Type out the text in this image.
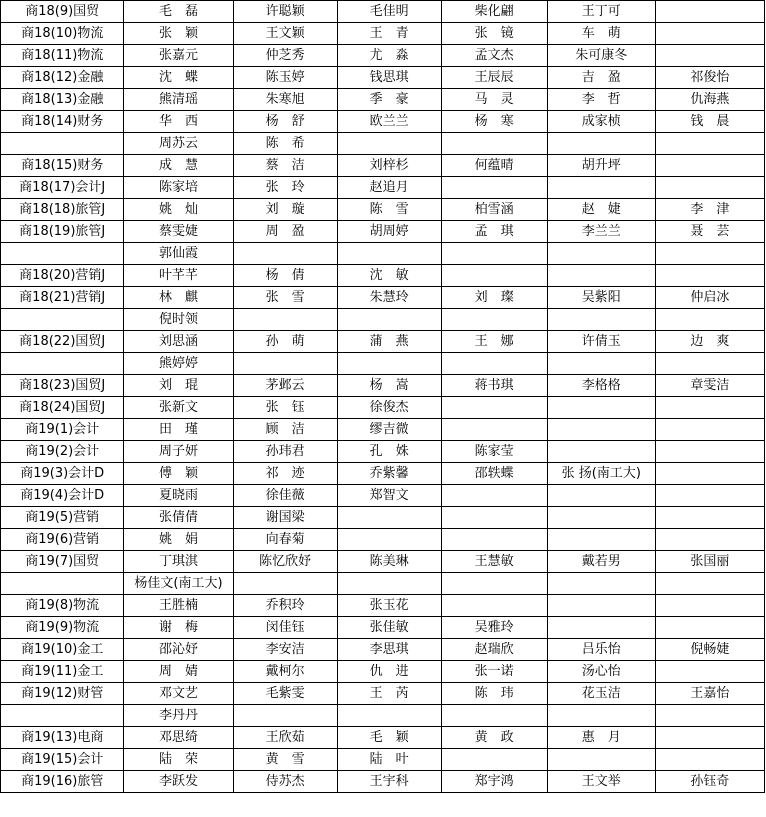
商18(9)国贸	毛　磊	许聪颖	毛佳明	柴化翩	王丁可	
商18(10)物流	张　颖	王文颖	王　青	张　镜	车　萌	
商18(11)物流	张嘉元	仲芝秀	尤　淼	孟文杰	朱可康冬	
商18(12)金融	沈　蝶	陈玉婷	钱思琪	王辰辰	吉　盈	祁俊怡
商18(13)金融	熊清瑶	朱寒旭	季　豪	马　灵	李　哲	仇海燕
商18(14)财务	华　西	杨　舒	欧兰兰	杨　寒	成家桢	钱　晨
	周苏云	陈　希				
商18(15)财务	成　慧	蔡　洁	刘梓杉	何蕴晴	胡升坪	
商18(17)会计J	陈家培	张　玲	赵追月			
商18(18)旅管J	姚　灿	刘　璇	陈　雪	柏雪涵	赵　婕	李　津
商18(19)旅管J	蔡雯婕	周　盈	胡周婷	孟　琪	李兰兰	聂　芸
	郭仙霞					
商18(20)营销J	叶芊芊	杨　倩	沈　敏			
商18(21)营销J	林　麒	张　雪	朱慧玲	刘　璨	吴紫阳	仲启冰
	倪时领					
商18(22)国贸J	刘思涵	孙　萌	蒲　燕	王　娜	许倩玉	边　爽
	熊婷婷					
商18(23)国贸J	刘　琨	茅邺云	杨　嵩	蒋书琪	李格格	章雯洁
商18(24)国贸J	张新文	张　钰	徐俊杰			
商19(1)会计	田　瑾	顾　洁	缪吉微			
商19(2)会计	周子妍	孙玮君	孔　姝	陈家莹		
商19(3)会计D	傅　颖	祁　迹	乔紫馨	邵轶蝶	张 扬(南工大)	
商19(4)会计D	夏晓雨	徐佳薇	郑智文			
商19(5)营销	张倩倩	谢国梁				
商19(6)营销	姚　娟	向春菊				
商19(7)国贸	丁琪淇	陈忆欣妤	陈美琳	王慧敏	戴若男	张国丽
	杨佳文(南工大)					
商19(8)物流	王胜楠	乔积玲	张玉花			
商19(9)物流	谢　梅	闵佳钰	张佳敏	吴雅玲		
商19(10)金工	邵沁妤	李安洁	李思琪	赵瑞欣	吕乐怡	倪畅婕
商19(11)金工	周　婧	戴柯尔	仇　进	张一诺	汤心怡	
商19(12)财管	邓文艺	毛紫雯	王　芮	陈　玮	花玉洁	王嘉怡
	李丹丹					
商19(13)电商	邓思绮	王欣茹	毛　颖	黄　政	惠　月	
商19(15)会计	陆　荣	黄　雪	陆　叶			
商19(16)旅管	李跃发	侍苏杰	王宇科	郑宇鸿	王文举	孙钰奇
